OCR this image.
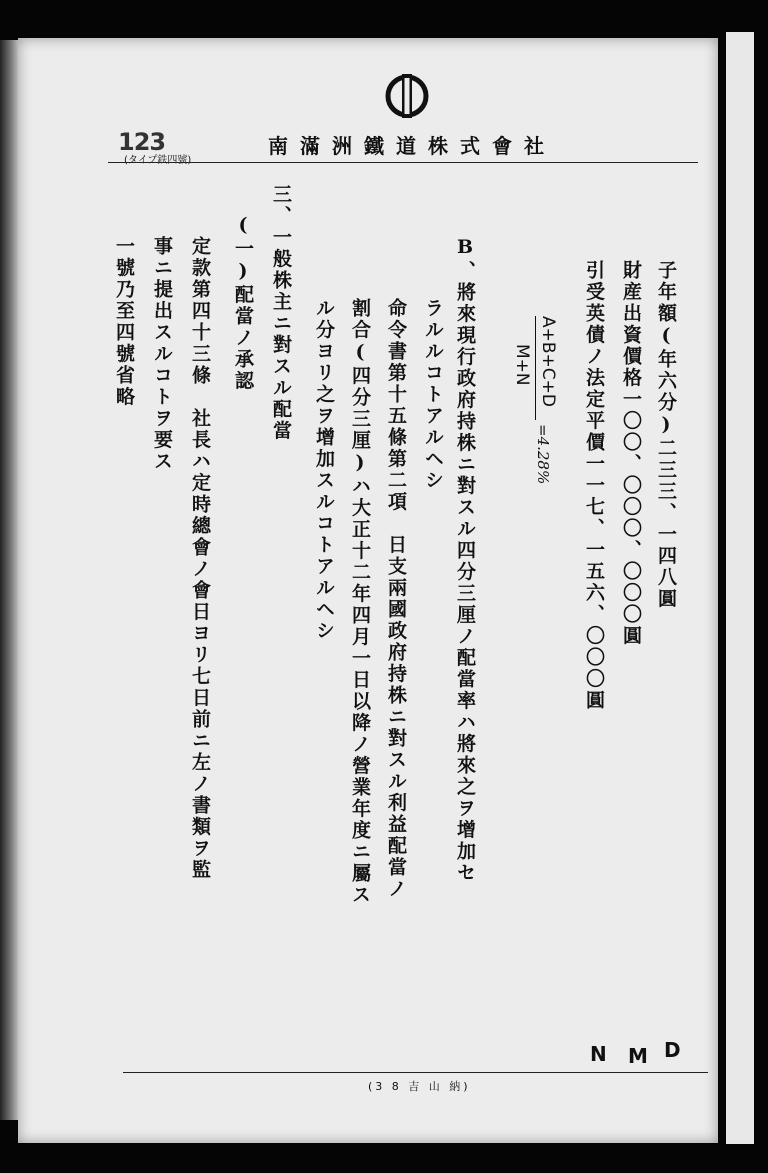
123
(タイプ鉄四號)
南滿洲鐵道株式會社
子年額(年六分)二三三、一四八圓
財産出資價格一〇〇、〇〇〇、〇〇〇圓
引受英債ノ法定平價一一七、一五六、〇〇〇圓
D
M
N
A+B+C+D
M+N
=4.28%
B、將來現行政府持株ニ對スル四分三厘ノ配當率ハ將來之ヲ增加セ
ラルルコトアルヘシ
命令書第十五條第二項　日支兩國政府持株ニ對スル利益配當ノ
割合(四分三厘)ハ大正十二年四月一日以降ノ營業年度ニ屬ス
ル分ヨリ之ヲ增加スルコトアルヘシ
三、一般株主ニ對スル配當
(一)配當ノ承認
定款第四十三條　社長ハ定時總會ノ會日ヨリ七日前ニ左ノ書類ヲ監
事ニ提出スルコトヲ要ス
一號乃至四號省略
(3 8 吉 山 納)
